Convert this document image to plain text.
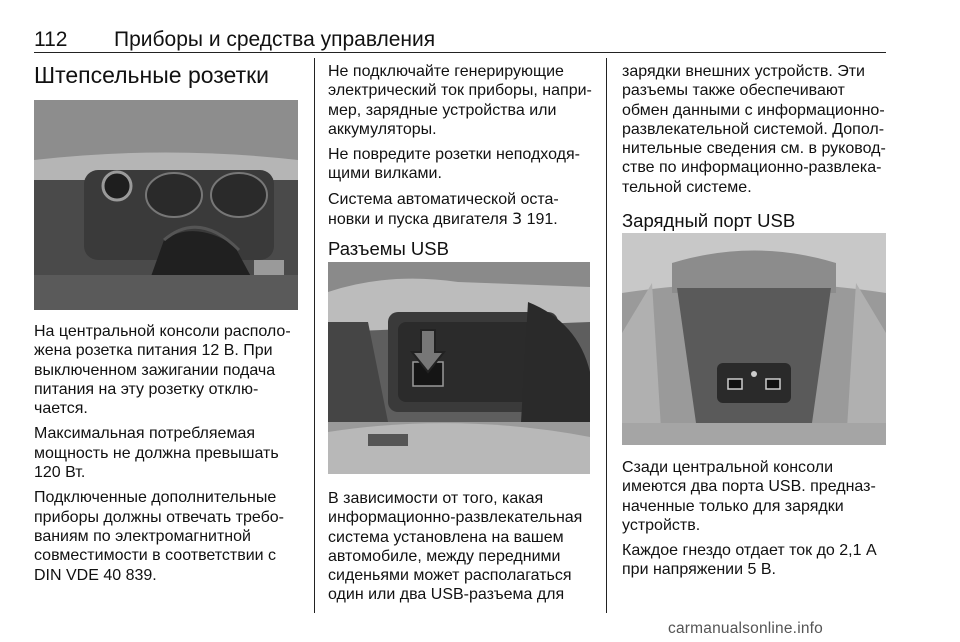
112 Приборы и средства управления
Штепсельные розетки

На центральной консоли располо-
жена розетка питания 12 В. При
выключенном зажигании подача
питания на эту розетку отклю-
чается.

Максимальная потребляемая
мощность не должна превышать
120 Вт.

Подключенные дополнительные
приборы должны отвечать требо-
ваниям по электромагнитной
совместимости в соответствии с
DIN VDE 40 839.

Не подключайте генерирующие
электрический ток приборы, напри-
мер, зарядные устройства или
аккумуляторы.

Не повредите розетки неподходя-
щими вилками.

Система автоматической оста-
новки и пуска двигателя 3 191.

Разъемы USB

В зависимости от того, какая
информационно-развлекательная
система установлена на вашем
автомобиле, между передними
сиденьями может располагаться
один или два USB-разъема для

зарядки внешних устройств. Эти
разъемы также обеспечивают
обмен данными с информационно-
развлекательной системой. Допол-
нительные сведения см. в руковод-
стве по информационно-развлека-
тельной системе.

Зарядный порт USB

Сзади центральной консоли
имеются два порта USB. предназ-
наченные только для зарядки
устройств.

Каждое гнездо отдает ток до 2,1 А
при напряжении 5 В.

carmanualsonline.info
